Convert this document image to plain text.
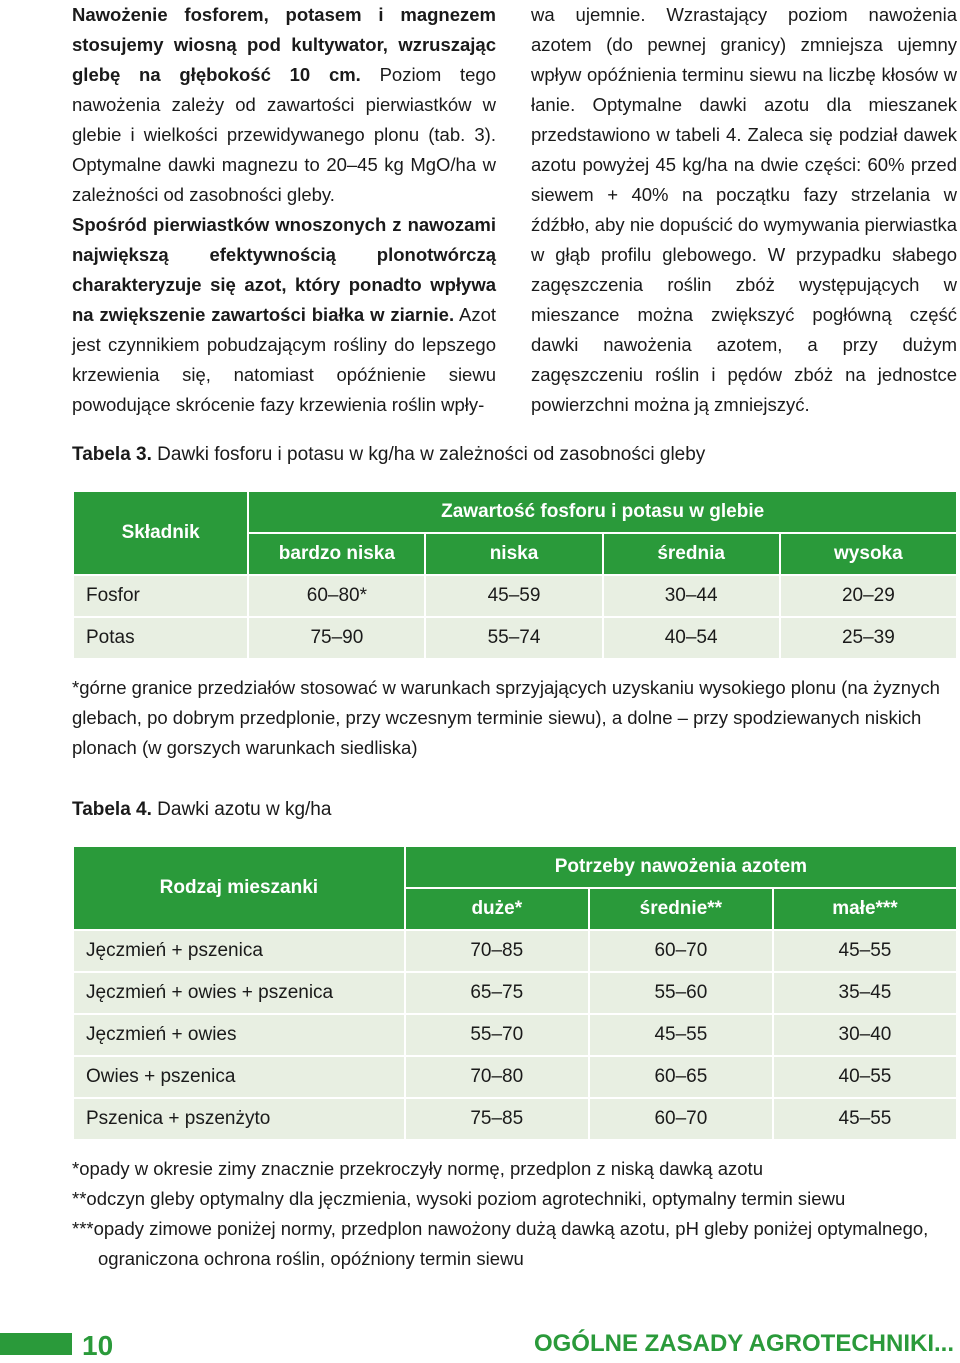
Nawożenie fosforem, potasem i magnezem stosujemy wiosną pod kultywator, wzruszając glebę na głębokość 10 cm. Poziom tego nawożenia zależy od zawartości pierwiastków w glebie i wielkości przewidywanego plonu (tab. 3). Optymalne dawki magnezu to 20–45 kg MgO/ha w zależności od zasobności gleby.

Spośród pierwiastków wnoszonych z nawozami największą efektywnością plonotwórczą charakteryzuje się azot, który ponadto wpływa na zwiększenie zawartości białka w ziarnie. Azot jest czynnikiem pobudzającym rośliny do lepszego krzewienia się, natomiast opóźnienie siewu powodujące skrócenie fazy krzewienia roślin wpły-

wa ujemnie. Wzrastający poziom nawożenia azotem (do pewnej granicy) zmniejsza ujemny wpływ opóźnienia terminu siewu na liczbę kłosów w łanie. Optymalne dawki azotu dla mieszanek przedstawiono w tabeli 4. Zaleca się podział dawek azotu powyżej 45 kg/ha na dwie części: 60% przed siewem + 40% na początku fazy strzelania w źdźbło, aby nie dopuścić do wymywania pierwiastka w głąb profilu glebowego. W przypadku słabego zagęszczenia roślin zbóż występujących w mieszance można zwiększyć pogłówną część dawki nawożenia azotem, a przy dużym zagęszczeniu roślin i pędów zbóż na jednostce powierzchni można ją zmniejszyć.

Tabela 3. Dawki fosforu i potasu w kg/ha w zależności od zasobności gleby
Składnik	Zawartość fosforu i potasu w glebie			
	bardzo niska	niska	średnia	wysoka
Fosfor	60–80*	45–59	30–44	20–29
Potas	75–90	55–74	40–54	25–39

*górne granice przedziałów stosować w warunkach sprzyjających uzyskaniu wysokiego plonu (na żyznych glebach, po dobrym przedplonie, przy wczesnym terminie siewu), a dolne – przy spodziewanych niskich plonach (w gorszych warunkach siedliska)

Tabela 4. Dawki azotu w kg/ha
Rodzaj mieszanki	Potrzeby nawożenia azotem		
	duże*	średnie**	małe***
Jęczmień + pszenica	70–85	60–70	45–55
Jęczmień + owies + pszenica	65–75	55–60	35–45
Jęczmień + owies	55–70	45–55	30–40
Owies + pszenica	70–80	60–65	40–55
Pszenica + pszenżyto	75–85	60–70	45–55

*opady w okresie zimy znacznie przekroczyły normę, przedplon z niską dawką azotu

**odczyn gleby optymalny dla jęczmienia, wysoki poziom agrotechniki, optymalny termin siewu

***opady zimowe poniżej normy, przedplon nawożony dużą dawką azotu, pH gleby poniżej optymalnego,

ograniczona ochrona roślin, opóźniony termin siewu

10	OGÓLNE ZASADY AGROTECHNIKI...
